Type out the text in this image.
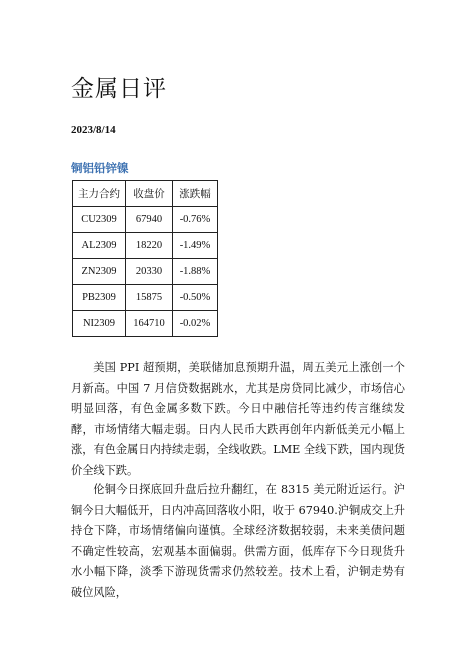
金属日评
2023/8/14
铜铝铅锌镍
主力合约	收盘价	涨跌幅
CU2309	67940	-0.76%
AL2309	18220	-1.49%
ZN2309	20330	-1.88%
PB2309	15875	-0.50%
NI2309	164710	-0.02%
美国 PPI 超预期，美联储加息预期升温，周五美元上涨创一个月新高。中国 7 月信贷数据跳水，尤其是房贷同比减少，市场信心明显回落，有色金属多数下跌。今日中融信托等违约传言继续发酵，市场情绪大幅走弱。日内人民币大跌再创年内新低美元小幅上涨，有色金属日内持续走弱，全线收跌。LME 全线下跌，国内现货价全线下跌。
伦铜今日探底回升盘后拉升翻红，在 8315 美元附近运行。沪铜今日大幅低开，日内冲高回落收小阳，收于 67940.沪铜成交上升持仓下降，市场情绪偏向谨慎。全球经济数据较弱，未来美债问题不确定性较高，宏观基本面偏弱。供需方面，低库存下今日现货升水小幅下降，淡季下游现货需求仍然较差。技术上看，沪铜走势有破位风险，
